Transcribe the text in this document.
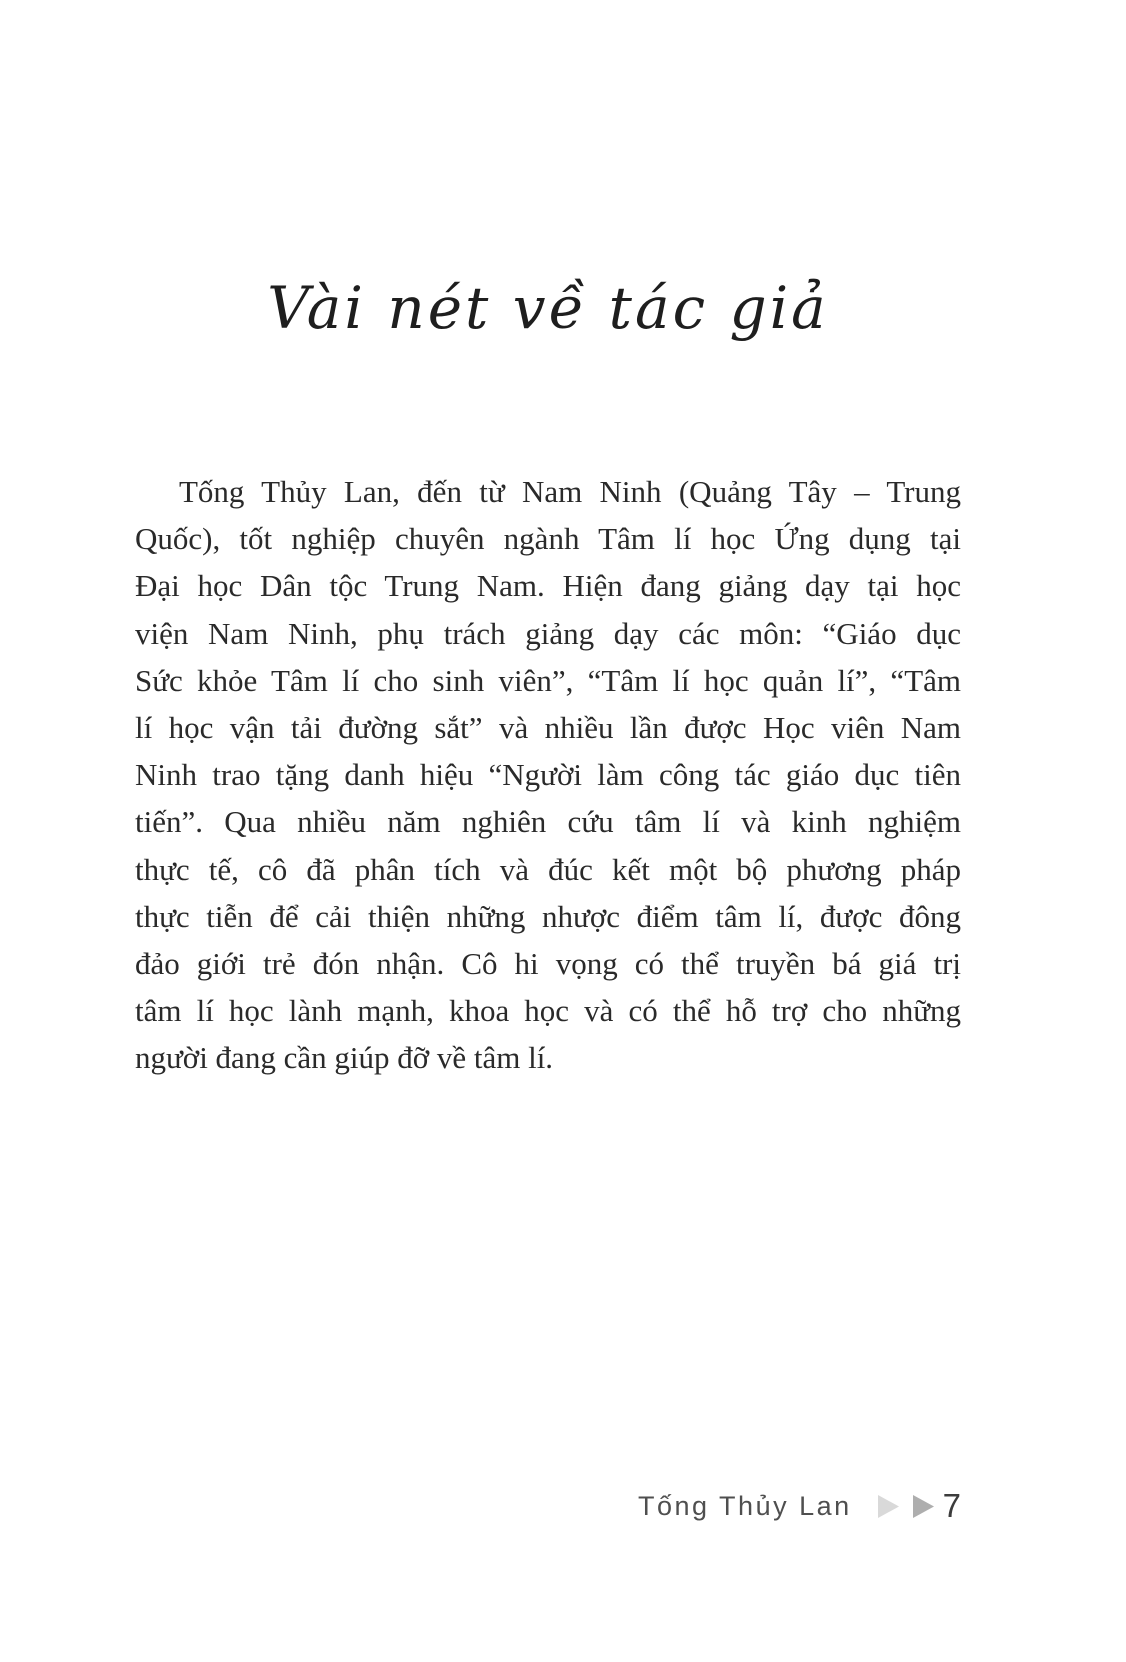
Vài nét về tác giả
Tống Thủy Lan, đến từ Nam Ninh (Quảng Tây – Trung
Quốc), tốt nghiệp chuyên ngành Tâm lí học Ứng dụng tại
Đại học Dân tộc Trung Nam. Hiện đang giảng dạy tại học
viện Nam Ninh, phụ trách giảng dạy các môn: “Giáo dục
Sức khỏe Tâm lí cho sinh viên”, “Tâm lí học quản lí”, “Tâm
lí học vận tải đường sắt” và nhiều lần được Học viên Nam
Ninh trao tặng danh hiệu “Người làm công tác giáo dục tiên
tiến”. Qua nhiều năm nghiên cứu tâm lí và kinh nghiệm
thực tế, cô đã phân tích và đúc kết một bộ phương pháp
thực tiễn để cải thiện những nhược điểm tâm lí, được đông
đảo giới trẻ đón nhận. Cô hi vọng có thể truyền bá giá trị
tâm lí học lành mạnh, khoa học và có thể hỗ trợ cho những
người đang cần giúp đỡ về tâm lí.
Tống Thủy Lan	7
